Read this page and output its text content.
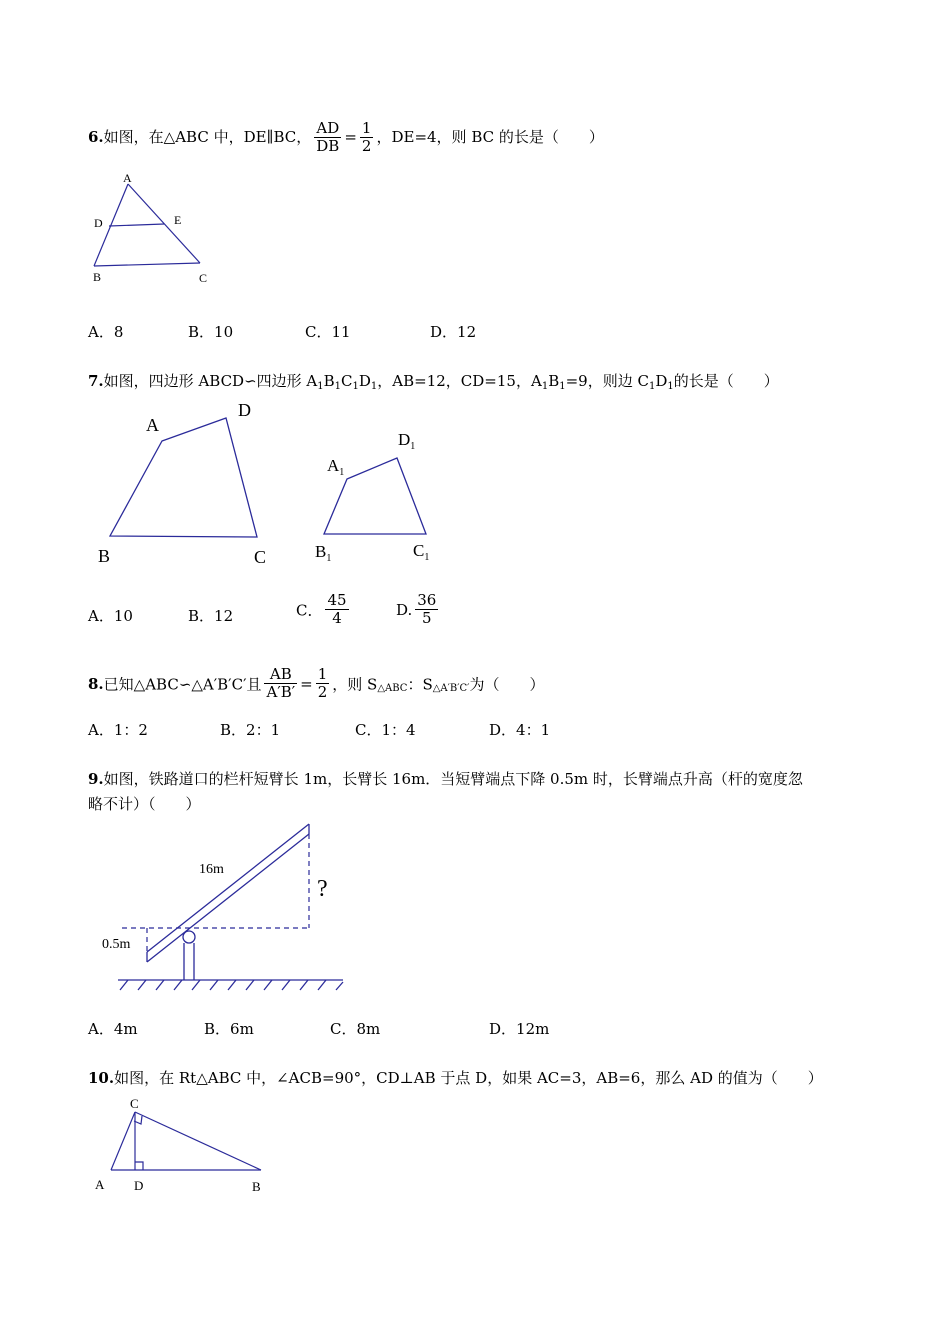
6.如图，在△ABC 中，DE∥BC， $\frac{AD}{DB} = \frac{1}{2}$ ，DE=4，则 BC 的长是（　　）
A
D	E
B	C
A．8	B．10	C．11	D．12
7.如图，四边形 ABCD∽四边形 $A_1B_1C_1D_1$，AB=12，CD=15，$A_1B_1=9$，则边 $C_1D_1$的长是（　　）
A
D
B	C
$A_1$
$D_1$
$B_1$	$C_1$
A．10	B．12	C． $\frac{45}{4}$	D. $\frac{36}{5}$
8.已知△ABC∽△A′B′C′且 $\frac{AB}{A'B'} = \frac{1}{2}$ ，则 $S_{\triangle ABC}$：$S_{\triangle A'B'C'}$为（　　）
A．1：2	B．2：1	C．1：4	D．4：1
9.如图，铁路道口的栏杆短臂长 1m，长臂长 16m．当短臂端点下降 0.5m 时，长臂端点升高（杆的宽度忽
略不计）（　　）
16m
0.5m
?
A．4m	B．6m	C．8m	D．12m
10.如图，在 Rt△ABC 中，∠ACB=90°，CD⊥AB 于点 D，如果 AC=3，AB=6，那么 AD 的值为（　　）
C
A D	B
